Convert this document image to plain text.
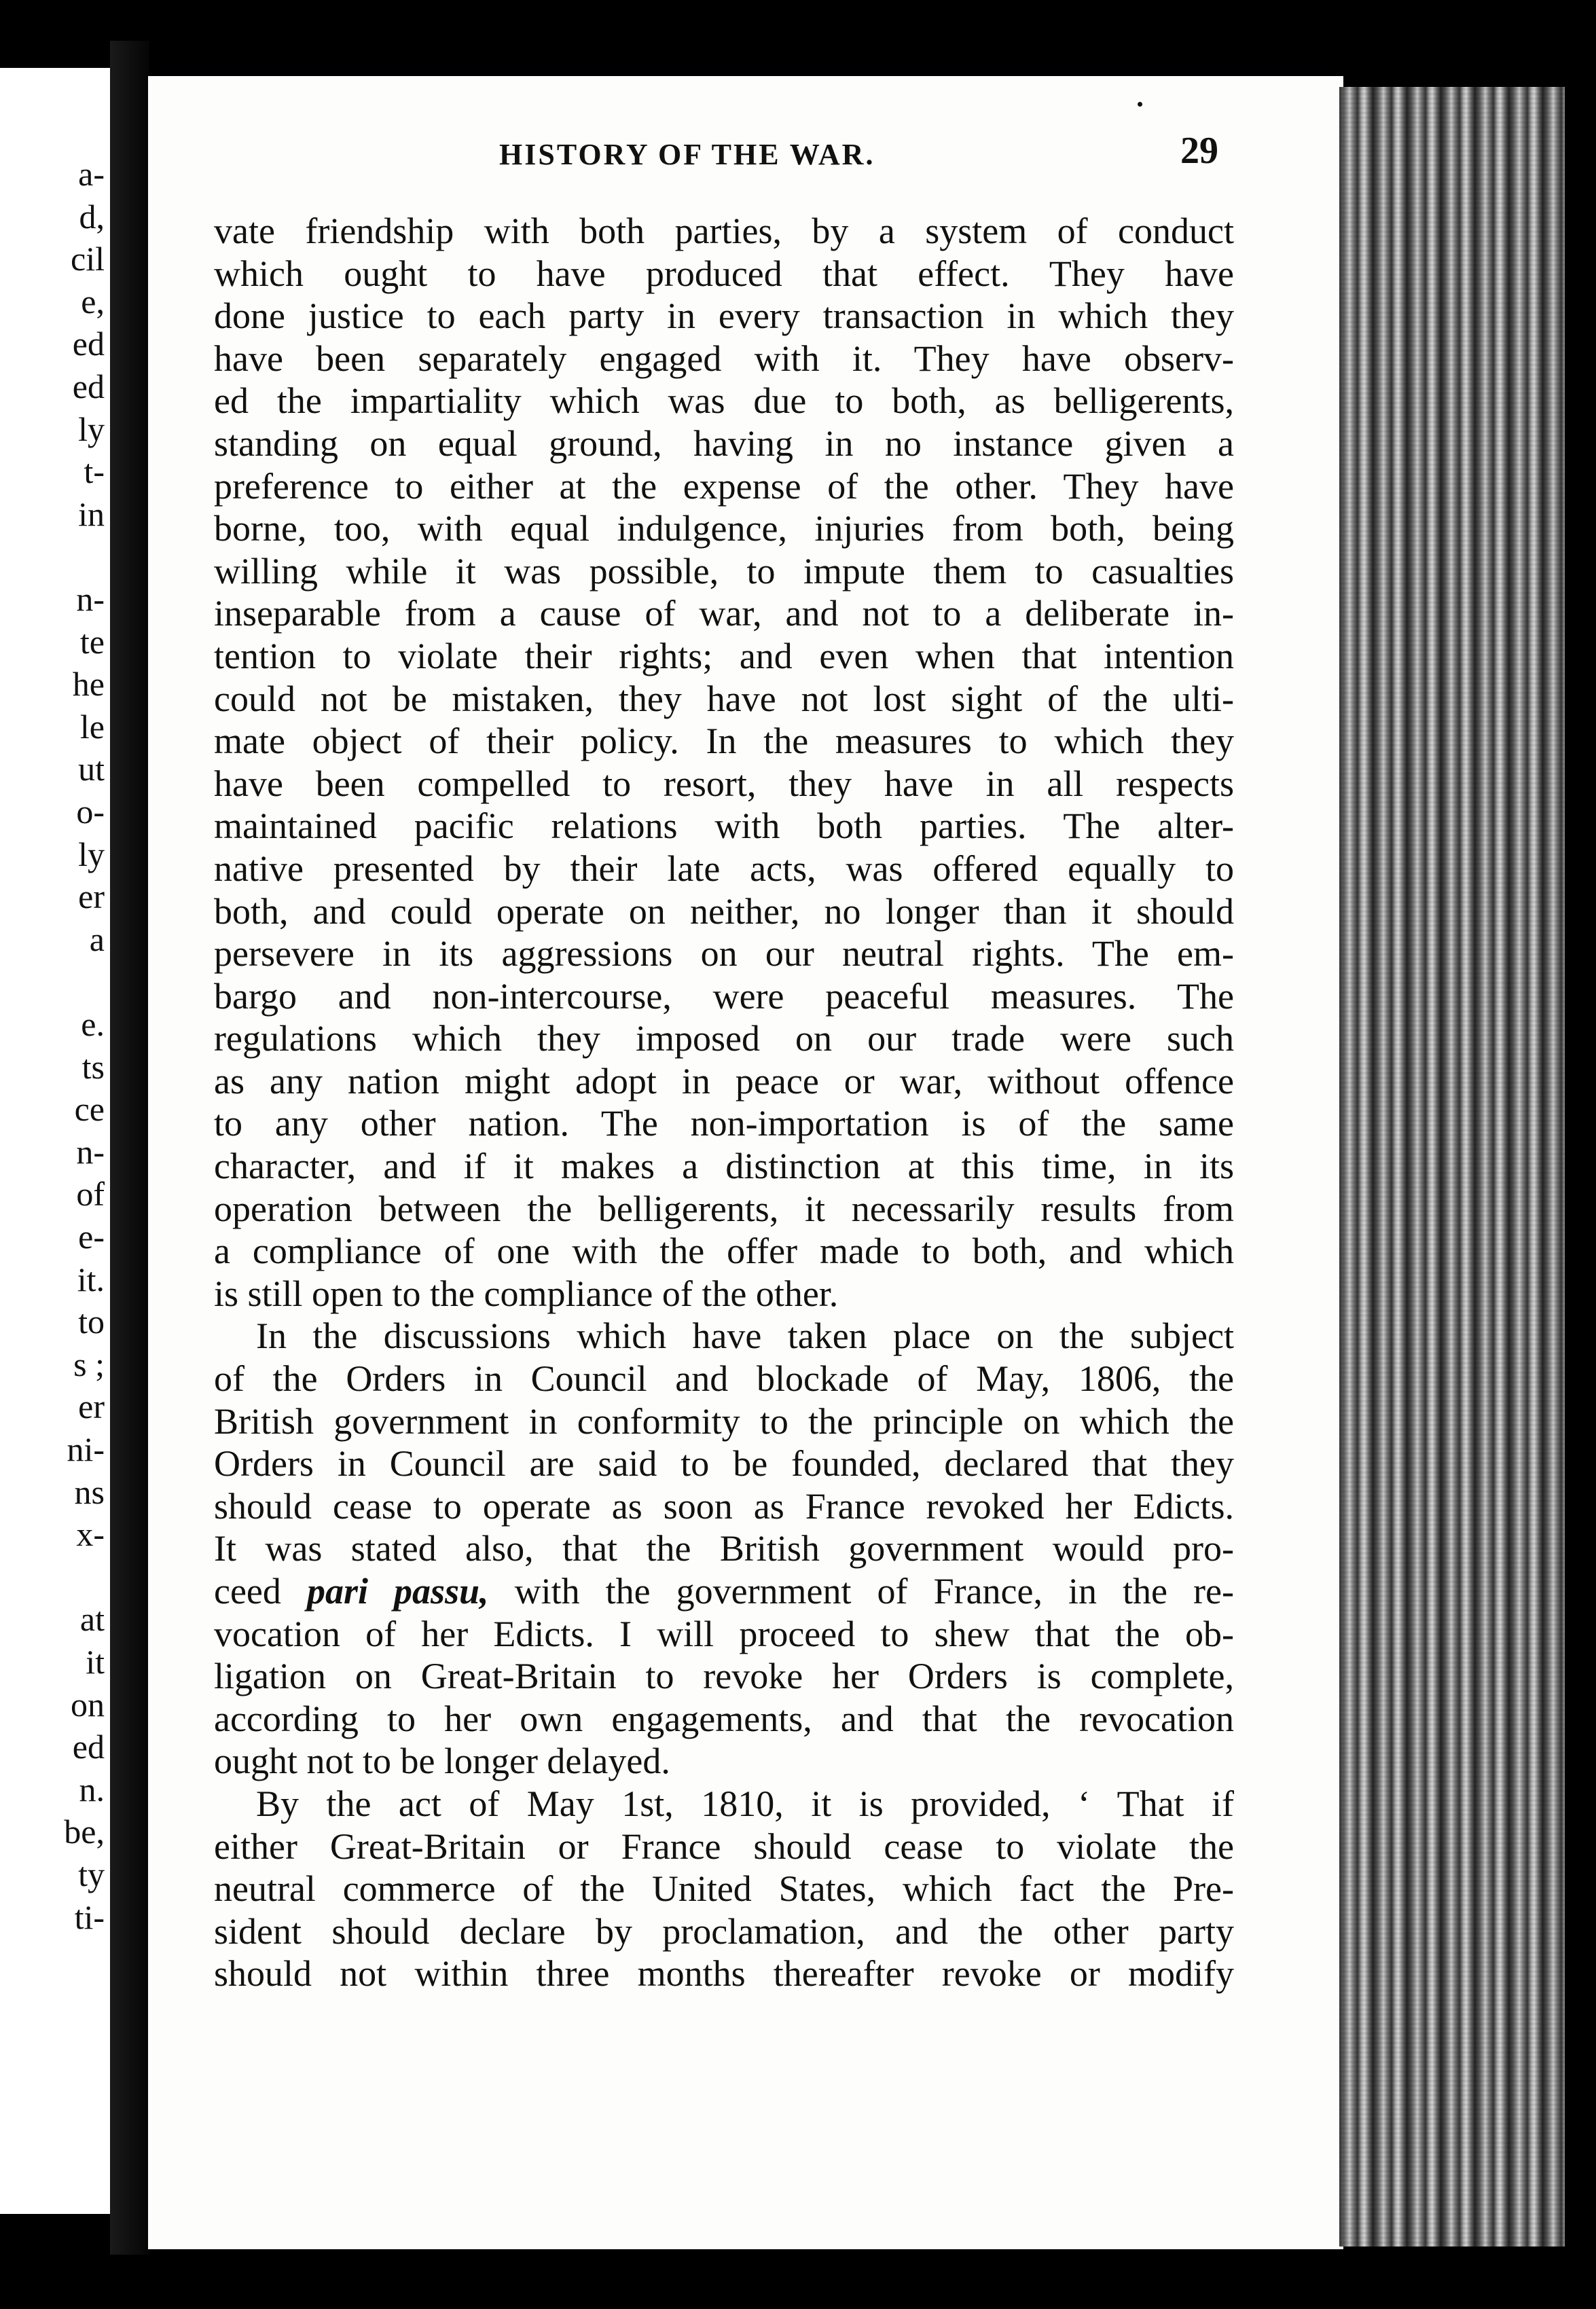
a-
d,
cil
e,
ed
ed
ly
t-
in
n-
te
he
le
ut
o-
ly
er
a
e.
ts
ce
n-
of
e-
it.
to
s ;
er
ni-
ns
x-
at
it
on
ed
n.
be,
ty
ti-
HISTORY OF THE WAR.	29
vate friendship with both parties, by a system of conduct
which ought to have produced that effect. They have
done justice to each party in every transaction in which they
have been separately engaged with it. They have observ-
ed the impartiality which was due to both, as belligerents,
standing on equal ground, having in no instance given a
preference to either at the expense of the other. They have
borne, too, with equal indulgence, injuries from both, being
willing while it was possible, to impute them to casualties
inseparable from a cause of war, and not to a deliberate in-
tention to violate their rights; and even when that intention
could not be mistaken, they have not lost sight of the ulti-
mate object of their policy. In the measures to which they
have been compelled to resort, they have in all respects
maintained pacific relations with both parties. The alter-
native presented by their late acts, was offered equally to
both, and could operate on neither, no longer than it should
persevere in its aggressions on our neutral rights. The em-
bargo and non-intercourse, were peaceful measures. The
regulations which they imposed on our trade were such
as any nation might adopt in peace or war, without offence
to any other nation. The non-importation is of the same
character, and if it makes a distinction at this time, in its
operation between the belligerents, it necessarily results from
a compliance of one with the offer made to both, and which
is still open to the compliance of the other.
In the discussions which have taken place on the subject
of the Orders in Council and blockade of May, 1806, the
British government in conformity to the principle on which the
Orders in Council are said to be founded, declared that they
should cease to operate as soon as France revoked her Edicts.
It was stated also, that the British government would pro-
ceed pari passu, with the government of France, in the re-
vocation of her Edicts. I will proceed to shew that the ob-
ligation on Great-Britain to revoke her Orders is complete,
according to her own engagements, and that the revocation
ought not to be longer delayed.
By the act of May 1st, 1810, it is provided, ‘ That if
either Great-Britain or France should cease to violate the
neutral commerce of the United States, which fact the Pre-
sident should declare by proclamation, and the other party
should not within three months thereafter revoke or modify
